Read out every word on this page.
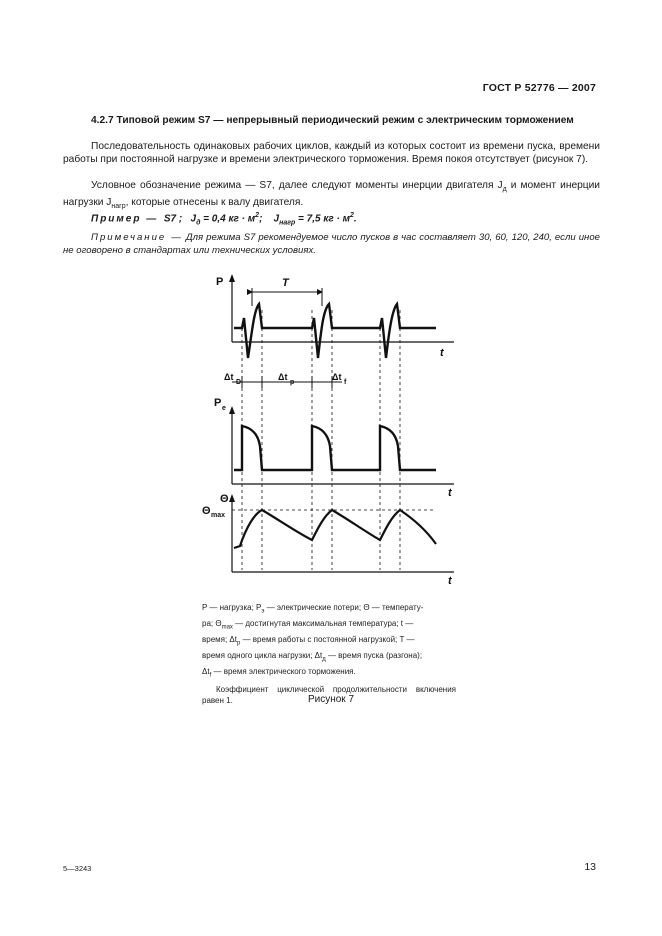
ГОСТ Р 52776 — 2007
4.2.7 Типовой режим S7 — непрерывный периодический режим с электрическим торможением
Последовательность одинаковых рабочих циклов, каждый из которых состоит из времени пуска, времени работы при постоянной нагрузке и времени электрического торможения. Время покоя отсутствует (рисунок 7).
Условное обозначение режима — S7, далее следуют моменты инерции двигателя $J_д$ и момент инерции нагрузки $J_{нагр}$, которые отнесены к валу двигателя.
Пример — S7 ; $J_д = 0,4$ кг · $м^2$; $J_{нагр} = 7,5$ кг · $м^2$.
Примечание — Для режима S7 рекомендуемое число пусков в час составляет 30, 60, 120, 240, если иное не оговорено в стандартах или технических условиях.
P
t
T
Δt
D
Δt
p
Δt
f
P e
t
Θ
Θ max
t
P — нагрузка; $P_э$ — электрические потери; Θ — температу-
ра; $\Theta_{max}$ — достигнутая максимальная температура; t —
время; $\Delta t_p$ — время работы с постоянной нагрузкой; T —
время одного цикла нагрузки; $\Delta t_д$ — время пуска (разгона);
$\Delta t_f$ — время электрического торможения.
Коэффициент циклической продолжительности включения равен 1.	Рисунок 7
5—3243	13
